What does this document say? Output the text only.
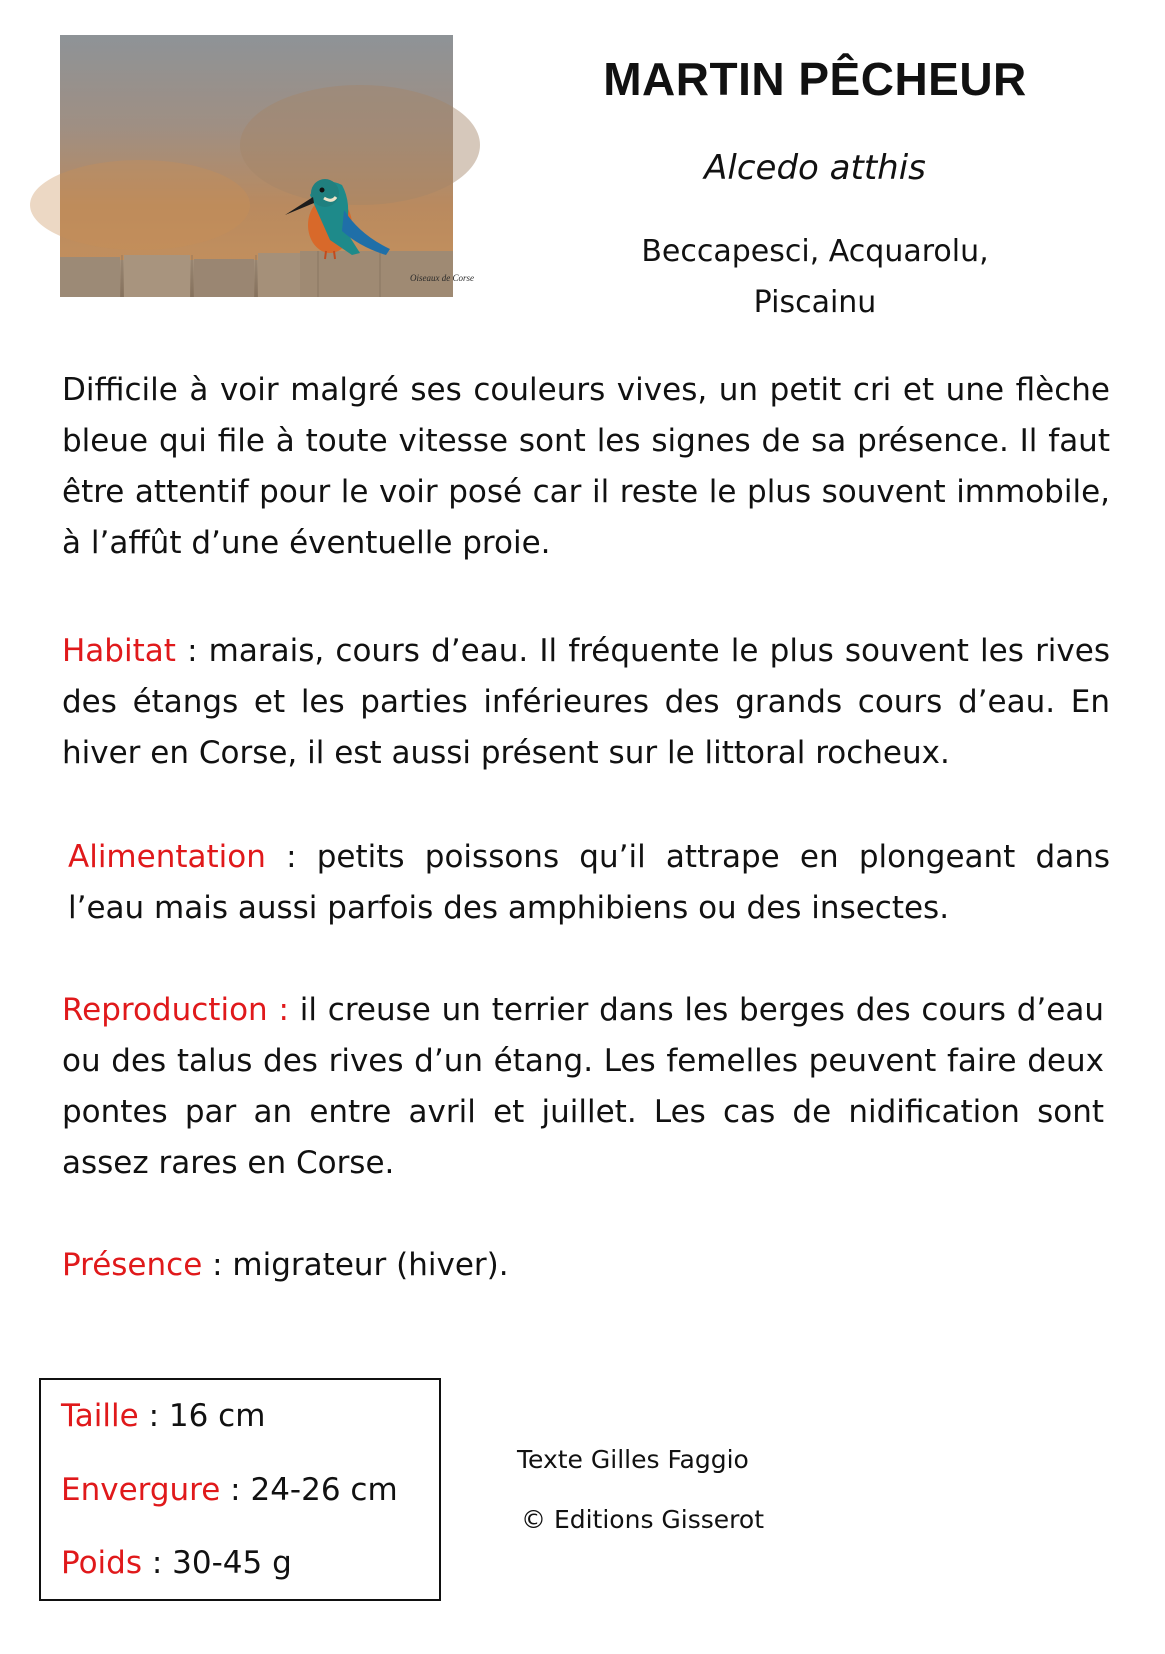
Oiseaux de Corse
MARTIN PÊCHEUR

Alcedo atthis

Beccapesci, Acquarolu,
Piscainu

Difficile à voir malgré ses couleurs vives, un petit cri et une flèche bleue qui file à toute vitesse sont les signes de sa présence. Il faut être attentif pour le voir posé car il reste le plus souvent immobile, à l’affût d’une éventuelle proie.

Habitat : marais, cours d’eau. Il fréquente le plus souvent les rives des étangs et les parties inférieures des grands cours d’eau. En hiver en Corse, il est aussi présent sur le littoral rocheux.

Alimentation : petits poissons qu’il attrape en plongeant dans l’eau mais aussi parfois des amphibiens ou des insectes.

Reproduction : il creuse un terrier dans les berges des cours d’eau ou des talus des rives d’un étang. Les femelles peuvent faire deux pontes par an entre avril et juillet. Les cas de nidification sont assez rares en Corse.

Présence : migrateur (hiver).

Taille : 16 cm
Envergure : 24-26 cm
Poids : 30-45 g

Texte Gilles Faggio

© Editions Gisserot
